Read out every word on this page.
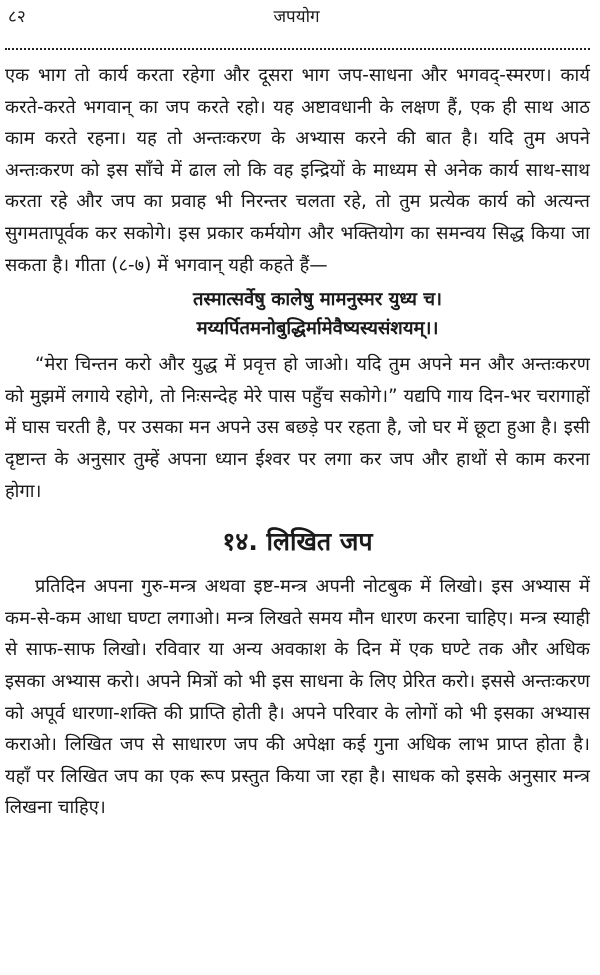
८२	जपयोग

एक भाग तो कार्य करता रहेगा और दूसरा भाग जप-साधना और भगवद्-स्मरण। कार्य करते-करते भगवान् का जप करते रहो। यह अष्टावधानी के लक्षण हैं, एक ही साथ आठ काम करते रहना। यह तो अन्तःकरण के अभ्यास करने की बात है। यदि तुम अपने अन्तःकरण को इस साँचे में ढाल लो कि वह इन्द्रियों के माध्यम से अनेक कार्य साथ-साथ करता रहे और जप का प्रवाह भी निरन्तर चलता रहे, तो तुम प्रत्येक कार्य को अत्यन्त सुगमतापूर्वक कर सकोगे। इस प्रकार कर्मयोग और भक्तियोग का समन्वय सिद्ध किया जा सकता है। गीता (८-७) में भगवान् यही कहते हैं—

तस्मात्सर्वेषु कालेषु मामनुस्मर युध्य च।
मय्यर्पितमनोबुद्धिर्मामेवैष्यस्यसंशयम्।।

“मेरा चिन्तन करो और युद्ध में प्रवृत्त हो जाओ। यदि तुम अपने मन और अन्तःकरण को मुझमें लगाये रहोगे, तो निःसन्देह मेरे पास पहुँच सकोगे।” यद्यपि गाय दिन-भर चरागाहों में घास चरती है, पर उसका मन अपने उस बछड़े पर रहता है, जो घर में छूटा हुआ है। इसी दृष्टान्त के अनुसार तुम्हें अपना ध्यान ईश्वर पर लगा कर जप और हाथों से काम करना होगा।

१४. लिखित जप

प्रतिदिन अपना गुरु-मन्त्र अथवा इष्ट-मन्त्र अपनी नोटबुक में लिखो। इस अभ्यास में कम-से-कम आधा घण्टा लगाओ। मन्त्र लिखते समय मौन धारण करना चाहिए। मन्त्र स्याही से साफ-साफ लिखो। रविवार या अन्य अवकाश के दिन में एक घण्टे तक और अधिक इसका अभ्यास करो। अपने मित्रों को भी इस साधना के लिए प्रेरित करो। इससे अन्तःकरण को अपूर्व धारणा-शक्ति की प्राप्ति होती है। अपने परिवार के लोगों को भी इसका अभ्यास कराओ। लिखित जप से साधारण जप की अपेक्षा कई गुना अधिक लाभ प्राप्त होता है। यहाँ पर लिखित जप का एक रूप प्रस्तुत किया जा रहा है। साधक को इसके अनुसार मन्त्र लिखना चाहिए।
